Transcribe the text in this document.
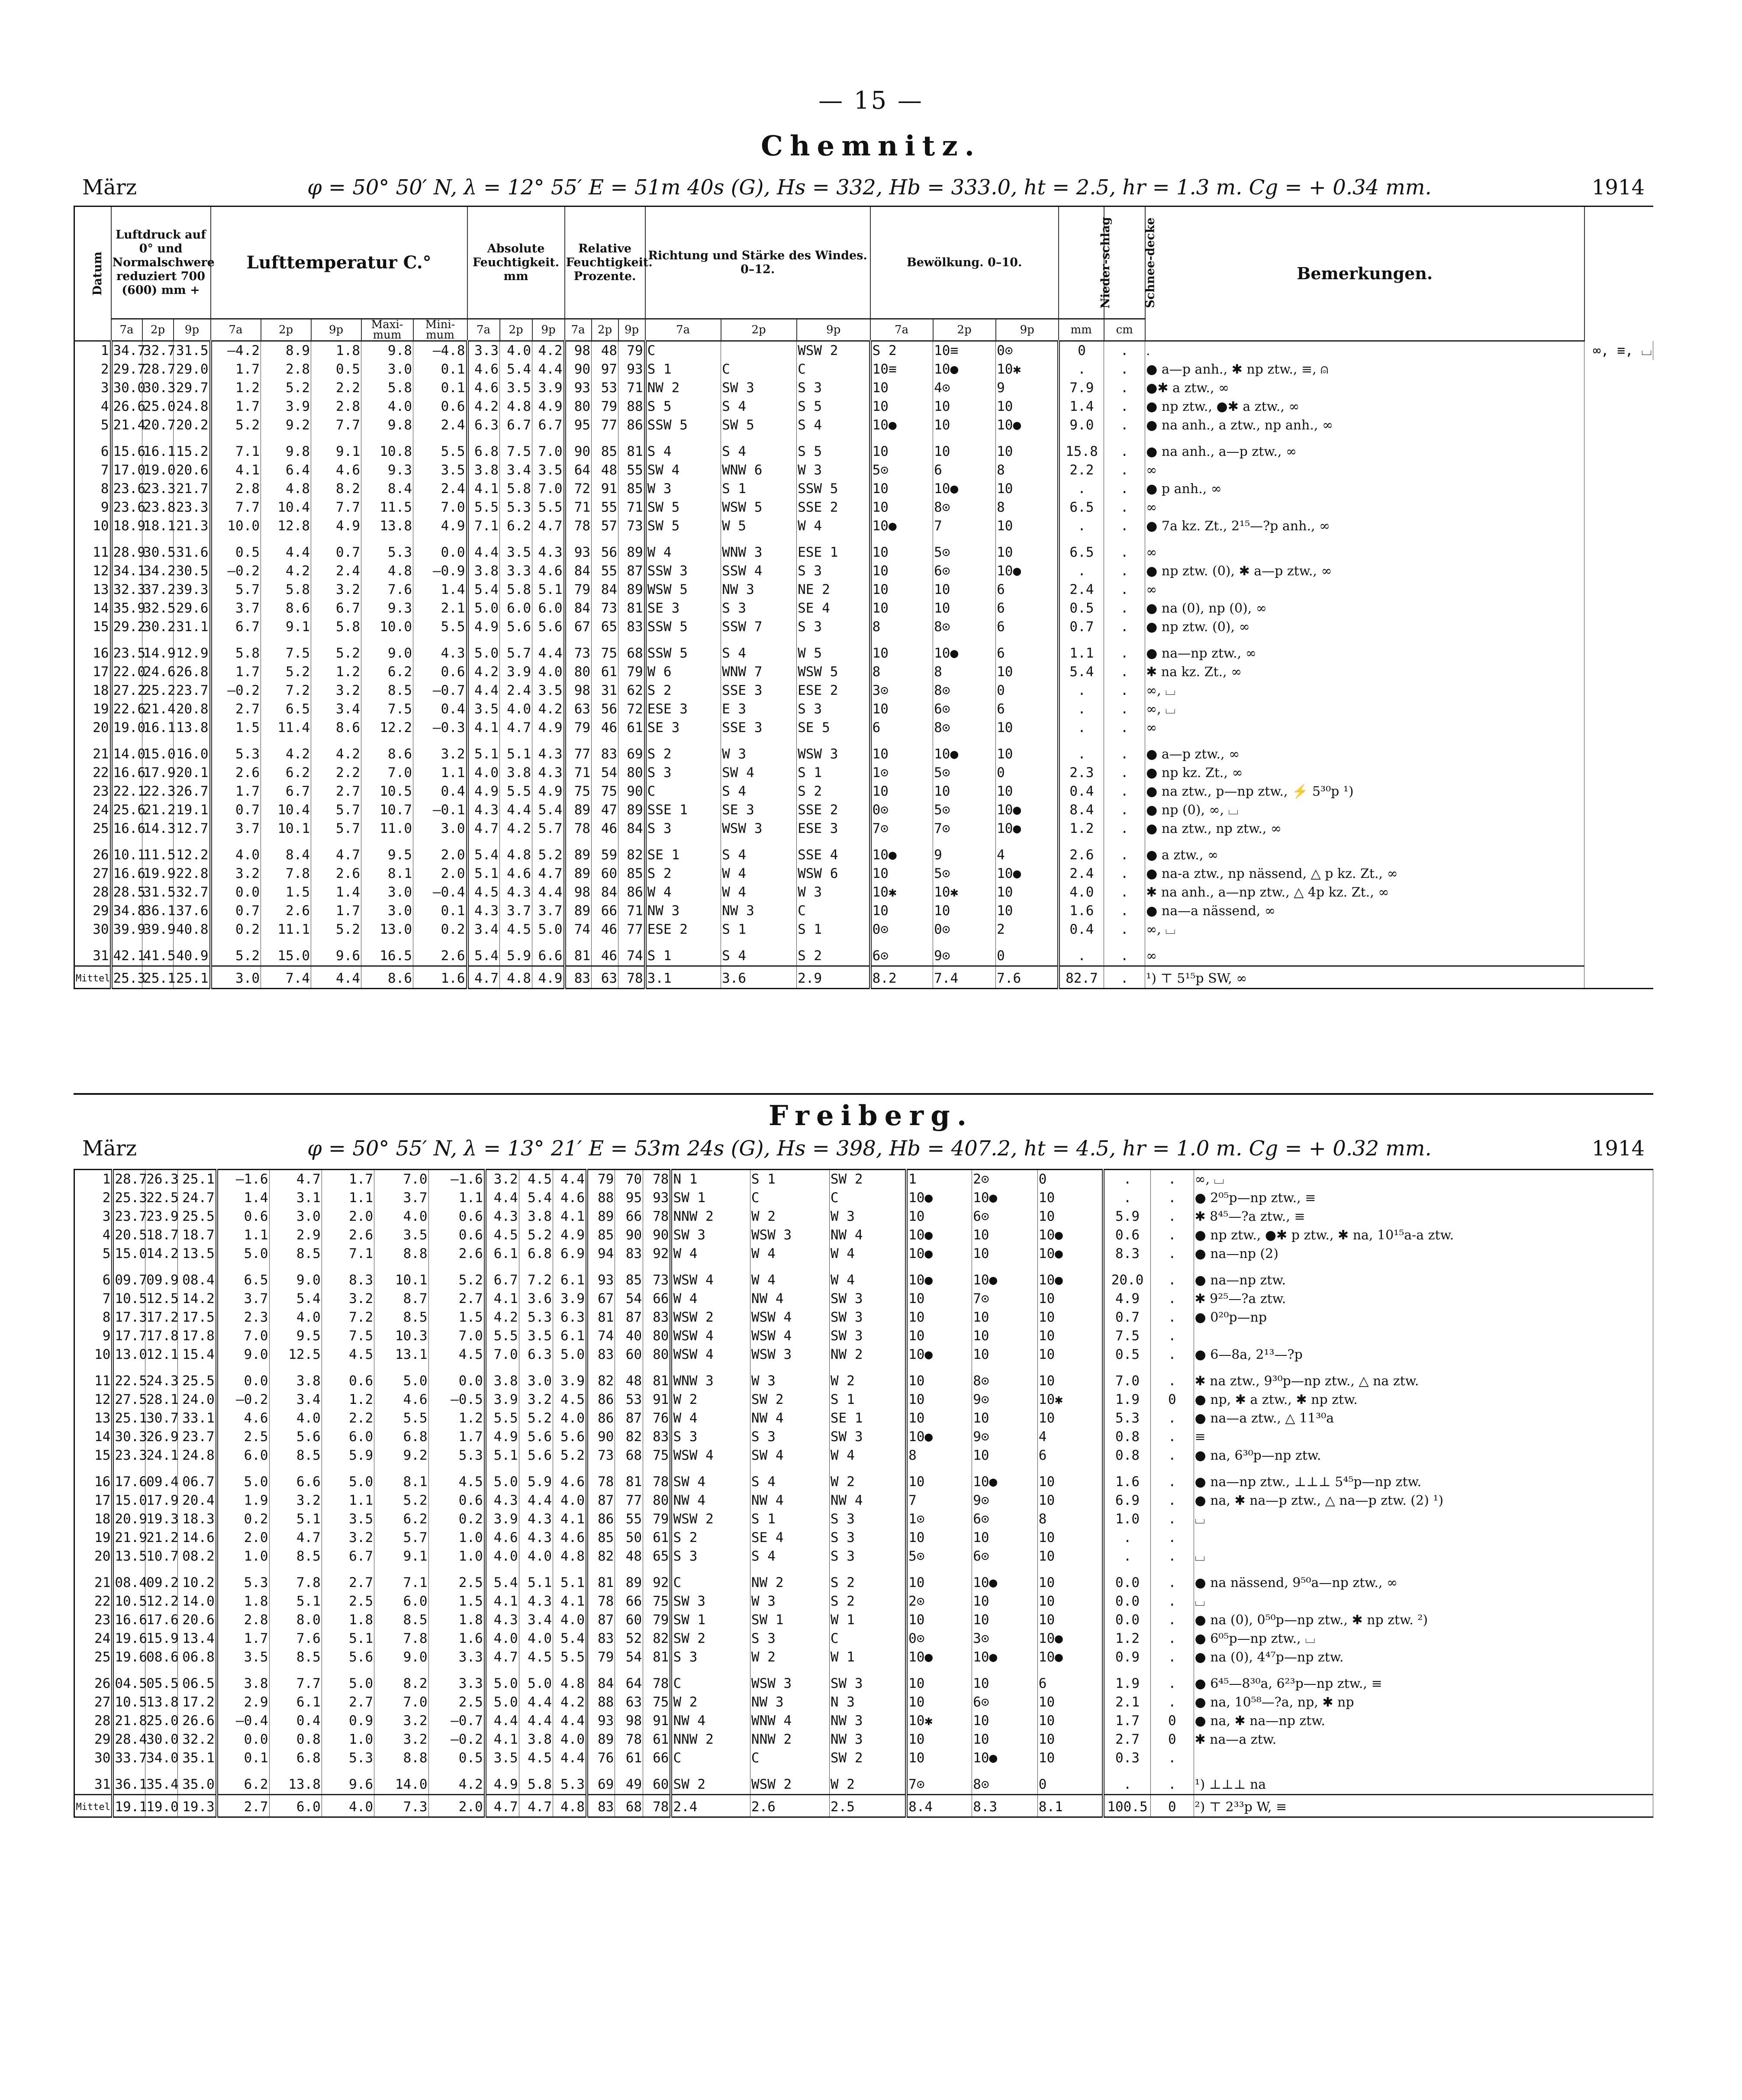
— 15 —
Chemnitz.
März	φ = 50° 50′ N, λ = 12° 55′ E = 51m 40s (G), Hs = 332, Hb = 333.0, ht = 2.5, hr = 1.3 m. Cg = + 0.34 mm.	1914
Datum	Luftdruck auf 0° und Normalschwere reduziert 700 (600) mm +			Lufttemperatur C.°					Absolute Feuchtigkeit. mm			Relative Feuchtigkeit. Prozente.			Richtung und Stärke des Windes. 0–12.			Bewölkung. 0–10.			Nieder-schlag	Schnee-decke	Bemerkungen.	
	7a	2p	9p	7a	2p	9p	Maxi-mum	Mini-mum	7a	2p	9p	7a	2p	9p	7a	2p	9p	7a	2p	9p	mm	cm		
1	34.7	32.7	31.5	—4.2	8.9	1.8	9.8	—4.8	3.3	4.0	4.2	98	48	79	C		WSW 2	S 2	10≡	0⊙	0	.	.	∞, ≡, ⌴
2	29.7	28.7	29.0	1.7	2.8	0.5	3.0	0.1	4.6	5.4	4.4	90	97	93	S 1	C	C	10≡	10●	10✱	.	.	● a—p anh., ✱ np ztw., ≡, ⍝	
3	30.0	30.3	29.7	1.2	5.2	2.2	5.8	0.1	4.6	3.5	3.9	93	53	71	NW 2	SW 3	S 3	10	4⊙	9	7.9	.	●✱ a ztw., ∞	
4	26.6	25.0	24.8	1.7	3.9	2.8	4.0	0.6	4.2	4.8	4.9	80	79	88	S 5	S 4	S 5	10	10	10	1.4	.	● np ztw., ●✱ a ztw., ∞	
5	21.4	20.7	20.2	5.2	9.2	7.7	9.8	2.4	6.3	6.7	6.7	95	77	86	SSW 5	SW 5	S 4	10●	10	10●	9.0	.	● na anh., a ztw., np anh., ∞	
6	15.6	16.1	15.2	7.1	9.8	9.1	10.8	5.5	6.8	7.5	7.0	90	85	81	S 4	S 4	S 5	10	10	10	15.8	.	● na anh., a—p ztw., ∞	
7	17.0	19.0	20.6	4.1	6.4	4.6	9.3	3.5	3.8	3.4	3.5	64	48	55	SW 4	WNW 6	W 3	5⊙	6	8	2.2	.	∞	
8	23.6	23.3	21.7	2.8	4.8	8.2	8.4	2.4	4.1	5.8	7.0	72	91	85	W 3	S 1	SSW 5	10	10●	10	.	.	● p anh., ∞	
9	23.6	23.8	23.3	7.7	10.4	7.7	11.5	7.0	5.5	5.3	5.5	71	55	71	SW 5	WSW 5	SSE 2	10	8⊙	8	6.5	.	∞	
10	18.9	18.1	21.3	10.0	12.8	4.9	13.8	4.9	7.1	6.2	4.7	78	57	73	SW 5	W 5	W 4	10●	7	10	.	.	● 7a kz. Zt., 2¹⁵—?p anh., ∞	
11	28.9	30.5	31.6	0.5	4.4	0.7	5.3	0.0	4.4	3.5	4.3	93	56	89	W 4	WNW 3	ESE 1	10	5⊙	10	6.5	.	∞	
12	34.1	34.2	30.5	—0.2	4.2	2.4	4.8	—0.9	3.8	3.3	4.6	84	55	87	SSW 3	SSW 4	S 3	10	6⊙	10●	.	.	● np ztw. (0), ✱ a—p ztw., ∞	
13	32.3	37.2	39.3	5.7	5.8	3.2	7.6	1.4	5.4	5.8	5.1	79	84	89	WSW 5	NW 3	NE 2	10	10	6	2.4	.	∞	
14	35.9	32.5	29.6	3.7	8.6	6.7	9.3	2.1	5.0	6.0	6.0	84	73	81	SE 3	S 3	SE 4	10	10	6	0.5	.	● na (0), np (0), ∞	
15	29.2	30.2	31.1	6.7	9.1	5.8	10.0	5.5	4.9	5.6	5.6	67	65	83	SSW 5	SSW 7	S 3	8	8⊙	6	0.7	.	● np ztw. (0), ∞	
16	23.5	14.9	12.9	5.8	7.5	5.2	9.0	4.3	5.0	5.7	4.4	73	75	68	SSW 5	S 4	W 5	10	10●	6	1.1	.	● na—np ztw., ∞	
17	22.0	24.6	26.8	1.7	5.2	1.2	6.2	0.6	4.2	3.9	4.0	80	61	79	W 6	WNW 7	WSW 5	8	8	10	5.4	.	✱ na kz. Zt., ∞	
18	27.2	25.2	23.7	—0.2	7.2	3.2	8.5	—0.7	4.4	2.4	3.5	98	31	62	S 2	SSE 3	ESE 2	3⊙	8⊙	0	.	.	∞, ⌴	
19	22.6	21.4	20.8	2.7	6.5	3.4	7.5	0.4	3.5	4.0	4.2	63	56	72	ESE 3	E 3	S 3	10	6⊙	6	.	.	∞, ⌴	
20	19.0	16.1	13.8	1.5	11.4	8.6	12.2	—0.3	4.1	4.7	4.9	79	46	61	SE 3	SSE 3	SE 5	6	8⊙	10	.	.	∞	
21	14.0	15.0	16.0	5.3	4.2	4.2	8.6	3.2	5.1	5.1	4.3	77	83	69	S 2	W 3	WSW 3	10	10●	10	.	.	● a—p ztw., ∞	
22	16.6	17.9	20.1	2.6	6.2	2.2	7.0	1.1	4.0	3.8	4.3	71	54	80	S 3	SW 4	S 1	1⊙	5⊙	0	2.3	.	● np kz. Zt., ∞	
23	22.1	22.3	26.7	1.7	6.7	2.7	10.5	0.4	4.9	5.5	4.9	75	75	90	C	S 4	S 2	10	10	10	0.4	.	● na ztw., p—np ztw., ⚡ 5³⁰p ¹)	
24	25.6	21.2	19.1	0.7	10.4	5.7	10.7	—0.1	4.3	4.4	5.4	89	47	89	SSE 1	SE 3	SSE 2	0⊙	5⊙	10●	8.4	.	● np (0), ∞, ⌴	
25	16.6	14.3	12.7	3.7	10.1	5.7	11.0	3.0	4.7	4.2	5.7	78	46	84	S 3	WSW 3	ESE 3	7⊙	7⊙	10●	1.2	.	● na ztw., np ztw., ∞	
26	10.1	11.5	12.2	4.0	8.4	4.7	9.5	2.0	5.4	4.8	5.2	89	59	82	SE 1	S 4	SSE 4	10●	9	4	2.6	.	● a ztw., ∞	
27	16.6	19.9	22.8	3.2	7.8	2.6	8.1	2.0	5.1	4.6	4.7	89	60	85	S 2	W 4	WSW 6	10	5⊙	10●	2.4	.	● na-a ztw., np nässend, △ p kz. Zt., ∞	
28	28.5	31.5	32.7	0.0	1.5	1.4	3.0	—0.4	4.5	4.3	4.4	98	84	86	W 4	W 4	W 3	10✱	10✱	10	4.0	.	✱ na anh., a—np ztw., △ 4p kz. Zt., ∞	
29	34.8	36.1	37.6	0.7	2.6	1.7	3.0	0.1	4.3	3.7	3.7	89	66	71	NW 3	NW 3	C	10	10	10	1.6	.	● na—a nässend, ∞	
30	39.9	39.9	40.8	0.2	11.1	5.2	13.0	0.2	3.4	4.5	5.0	74	46	77	ESE 2	S 1	S 1	0⊙	0⊙	2	0.4	.	∞, ⌴	
31	42.1	41.5	40.9	5.2	15.0	9.6	16.5	2.6	5.4	5.9	6.6	81	46	74	S 1	S 4	S 2	6⊙	9⊙	0	.	.	∞	
Mittel	25.3	25.1	25.1	3.0	7.4	4.4	8.6	1.6	4.7	4.8	4.9	83	63	78	3.1	3.6	2.9	8.2	7.4	7.6	82.7	.	¹) ⊤ 5¹⁵p SW, ∞	
Freiberg.
März	φ = 50° 55′ N, λ = 13° 21′ E = 53m 24s (G), Hs = 398, Hb = 407.2, ht = 4.5, hr = 1.0 m. Cg = + 0.32 mm.	1914
1	28.7	26.3	25.1	—1.6	4.7	1.7	7.0	—1.6	3.2	4.5	4.4	79	70	78	N 1	S 1	SW 2	1	2⊙	0	.	.	∞, ⌴
2	25.3	22.5	24.7	1.4	3.1	1.1	3.7	1.1	4.4	5.4	4.6	88	95	93	SW 1	C	C	10●	10●	10	.	.	● 2⁰⁵p—np ztw., ≡
3	23.7	23.9	25.5	0.6	3.0	2.0	4.0	0.6	4.3	3.8	4.1	89	66	78	NNW 2	W 2	W 3	10	6⊙	10	5.9	.	✱ 8⁴⁵—?a ztw., ≡
4	20.5	18.7	18.7	1.1	2.9	2.6	3.5	0.6	4.5	5.2	4.9	85	90	90	SW 3	WSW 3	NW 4	10●	10	10●	0.6	.	● np ztw., ●✱ p ztw., ✱ na, 10¹⁵a-a ztw.
5	15.0	14.2	13.5	5.0	8.5	7.1	8.8	2.6	6.1	6.8	6.9	94	83	92	W 4	W 4	W 4	10●	10	10●	8.3	.	● na—np (2)
6	09.7	09.9	08.4	6.5	9.0	8.3	10.1	5.2	6.7	7.2	6.1	93	85	73	WSW 4	W 4	W 4	10●	10●	10●	20.0	.	● na—np ztw.
7	10.5	12.5	14.2	3.7	5.4	3.2	8.7	2.7	4.1	3.6	3.9	67	54	66	W 4	NW 4	SW 3	10	7⊙	10	4.9	.	✱ 9²⁵—?a ztw.
8	17.3	17.2	17.5	2.3	4.0	7.2	8.5	1.5	4.2	5.3	6.3	81	87	83	WSW 2	WSW 4	SW 3	10	10	10	0.7	.	● 0²⁰p—np
9	17.7	17.8	17.8	7.0	9.5	7.5	10.3	7.0	5.5	3.5	6.1	74	40	80	WSW 4	WSW 4	SW 3	10	10	10	7.5	.	
10	13.0	12.1	15.4	9.0	12.5	4.5	13.1	4.5	7.0	6.3	5.0	83	60	80	WSW 4	WSW 3	NW 2	10●	10	10	0.5	.	● 6—8a, 2¹³—?p
11	22.5	24.3	25.5	0.0	3.8	0.6	5.0	0.0	3.8	3.0	3.9	82	48	81	WNW 3	W 3	W 2	10	8⊙	10	7.0	.	✱ na ztw., 9³⁰p—np ztw., △ na ztw.
12	27.5	28.1	24.0	—0.2	3.4	1.2	4.6	—0.5	3.9	3.2	4.5	86	53	91	W 2	SW 2	S 1	10	9⊙	10✱	1.9	0	● np, ✱ a ztw., ✱ np ztw.
13	25.1	30.7	33.1	4.6	4.0	2.2	5.5	1.2	5.5	5.2	4.0	86	87	76	W 4	NW 4	SE 1	10	10	10	5.3	.	● na—a ztw., △ 11³⁰a
14	30.3	26.9	23.7	2.5	5.6	6.0	6.8	1.7	4.9	5.6	5.6	90	82	83	S 3	S 3	SW 3	10●	9⊙	4	0.8	.	≡
15	23.3	24.1	24.8	6.0	8.5	5.9	9.2	5.3	5.1	5.6	5.2	73	68	75	WSW 4	SW 4	W 4	8	10	6	0.8	.	● na, 6³⁰p—np ztw.
16	17.6	09.4	06.7	5.0	6.6	5.0	8.1	4.5	5.0	5.9	4.6	78	81	78	SW 4	S 4	W 2	10	10●	10	1.6	.	● na—np ztw., ⊥⊥⊥ 5⁴⁵p—np ztw.
17	15.0	17.9	20.4	1.9	3.2	1.1	5.2	0.6	4.3	4.4	4.0	87	77	80	NW 4	NW 4	NW 4	7	9⊙	10	6.9	.	● na, ✱ na—p ztw., △ na—p ztw. (2) ¹)
18	20.9	19.3	18.3	0.2	5.1	3.5	6.2	0.2	3.9	4.3	4.1	86	55	79	WSW 2	S 1	S 3	1⊙	6⊙	8	1.0	.	⌴
19	21.9	21.2	14.6	2.0	4.7	3.2	5.7	1.0	4.6	4.3	4.6	85	50	61	S 2	SE 4	S 3	10	10	10	.	.	
20	13.5	10.7	08.2	1.0	8.5	6.7	9.1	1.0	4.0	4.0	4.8	82	48	65	S 3	S 4	S 3	5⊙	6⊙	10	.	.	⌴
21	08.4	09.2	10.2	5.3	7.8	2.7	7.1	2.5	5.4	5.1	5.1	81	89	92	C	NW 2	S 2	10	10●	10	0.0	.	● na nässend, 9⁵⁰a—np ztw., ∞
22	10.5	12.2	14.0	1.8	5.1	2.5	6.0	1.5	4.1	4.3	4.1	78	66	75	SW 3	W 3	S 2	2⊙	10	10	0.0	.	⌴
23	16.6	17.6	20.6	2.8	8.0	1.8	8.5	1.8	4.3	3.4	4.0	87	60	79	SW 1	SW 1	W 1	10	10	10	0.0	.	● na (0), 0⁵⁰p—np ztw., ✱ np ztw. ²)
24	19.6	15.9	13.4	1.7	7.6	5.1	7.8	1.6	4.0	4.0	5.4	83	52	82	SW 2	S 3	C	0⊙	3⊙	10●	1.2	.	● 6⁰⁵p—np ztw., ⌴
25	19.6	08.6	06.8	3.5	8.5	5.6	9.0	3.3	4.7	4.5	5.5	79	54	81	S 3	W 2	W 1	10●	10●	10●	0.9	.	● na (0), 4⁴⁷p—np ztw.
26	04.5	05.5	06.5	3.8	7.7	5.0	8.2	3.3	5.0	5.0	4.8	84	64	78	C	WSW 3	SW 3	10	10	6	1.9	.	● 6⁴⁵—8³⁰a, 6²³p—np ztw., ≡
27	10.5	13.8	17.2	2.9	6.1	2.7	7.0	2.5	5.0	4.4	4.2	88	63	75	W 2	NW 3	N 3	10	6⊙	10	2.1	.	● na, 10⁵⁸—?a, np, ✱ np
28	21.8	25.0	26.6	—0.4	0.4	0.9	3.2	—0.7	4.4	4.4	4.4	93	98	91	NW 4	WNW 4	NW 3	10✱	10	10	1.7	0	● na, ✱ na—np ztw.
29	28.4	30.0	32.2	0.0	0.8	1.0	3.2	—0.2	4.1	3.8	4.0	89	78	61	NNW 2	NNW 2	NW 3	10	10	10	2.7	0	✱ na—a ztw.
30	33.7	34.0	35.1	0.1	6.8	5.3	8.8	0.5	3.5	4.5	4.4	76	61	66	C	C	SW 2	10	10●	10	0.3	.	
31	36.1	35.4	35.0	6.2	13.8	9.6	14.0	4.2	4.9	5.8	5.3	69	49	60	SW 2	WSW 2	W 2	7⊙	8⊙	0	.	.	¹) ⊥⊥⊥ na
Mittel	19.1	19.0	19.3	2.7	6.0	4.0	7.3	2.0	4.7	4.7	4.8	83	68	78	2.4	2.6	2.5	8.4	8.3	8.1	100.5	0	²) ⊤ 2³³p W, ≡
